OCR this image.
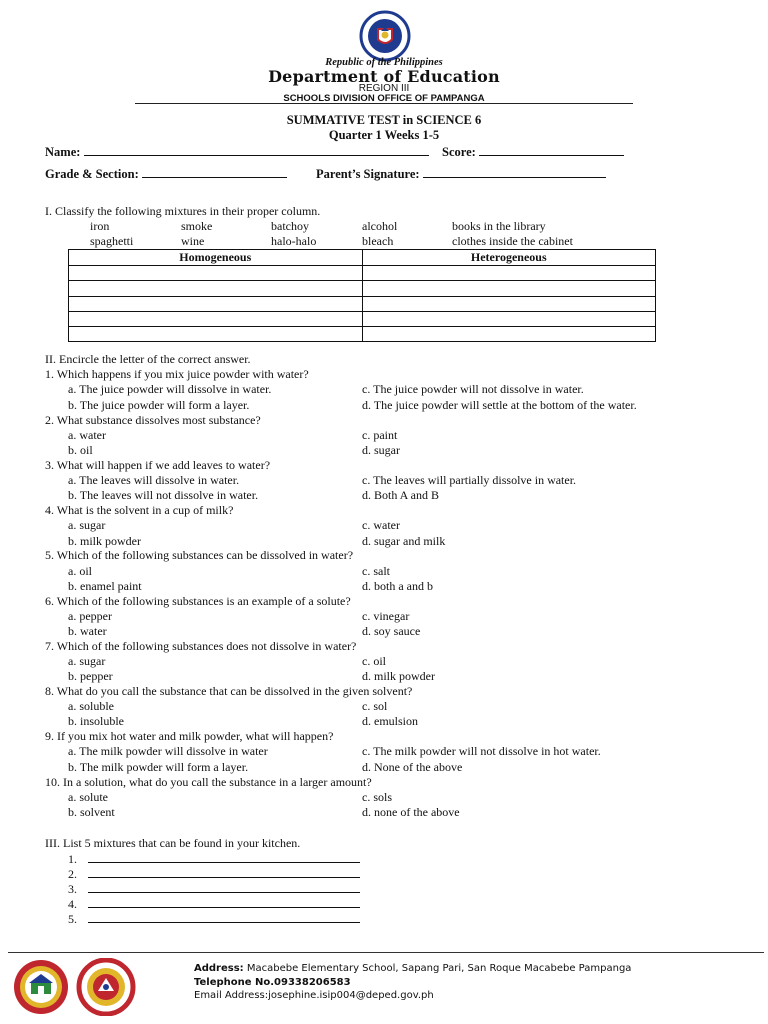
Republic of the Philippines
Department of Education
REGION III
SCHOOLS DIVISION OFFICE OF PAMPANGA
SUMMATIVE TEST in SCIENCE 6
Quarter 1 Weeks 1-5
Name:	Score:
Grade & Section:	Parent’s Signature:
I. Classify the following mixtures in their proper column.
iron	smoke	batchoy	alcohol	books in the library
spaghetti	wine	halo-halo	bleach	clothes inside the cabinet
Homogeneous	Heterogeneous

II. Encircle the letter of the correct answer.
1. Which happens if you mix juice powder with water?
a. The juice powder will dissolve in water.	c. The juice powder will not dissolve in water.
b. The juice powder will form a layer.	d. The juice powder will settle at the bottom of the water.
2. What substance dissolves most substance?
a. water	c. paint
b. oil	d. sugar
3. What will happen if we add leaves to water?
a. The leaves will dissolve in water.	c. The leaves will partially dissolve in water.
b. The leaves will not dissolve in water.	d. Both A and B
4. What is the solvent in a cup of milk?
a. sugar	c. water
b. milk powder	d. sugar and milk
5. Which of the following substances can be dissolved in water?
a. oil	c. salt
b. enamel paint	d. both a and b
6. Which of the following substances is an example of a solute?
a. pepper	c. vinegar
b. water	d. soy sauce
7. Which of the following substances does not dissolve in water?
a. sugar	c. oil
b. pepper	d. milk powder
8. What do you call the substance that can be dissolved in the given solvent?
a. soluble	c. sol
b. insoluble	d. emulsion
9. If you mix hot water and milk powder, what will happen?
a. The milk powder will dissolve in water	c. The milk powder will not dissolve in hot water.
b. The milk powder will form a layer.	d. None of the above
10. In a solution, what do you call the substance in a larger amount?
a. solute	c. sols
b. solvent	d. none of the above
III. List 5 mixtures that can be found in your kitchen.
1.
2.
3.
4.
5.
Address: Macabebe Elementary School, Sapang Pari, San Roque Macabebe Pampanga
Telephone No.09338206583
Email Address:josephine.isip004@deped.gov.ph
